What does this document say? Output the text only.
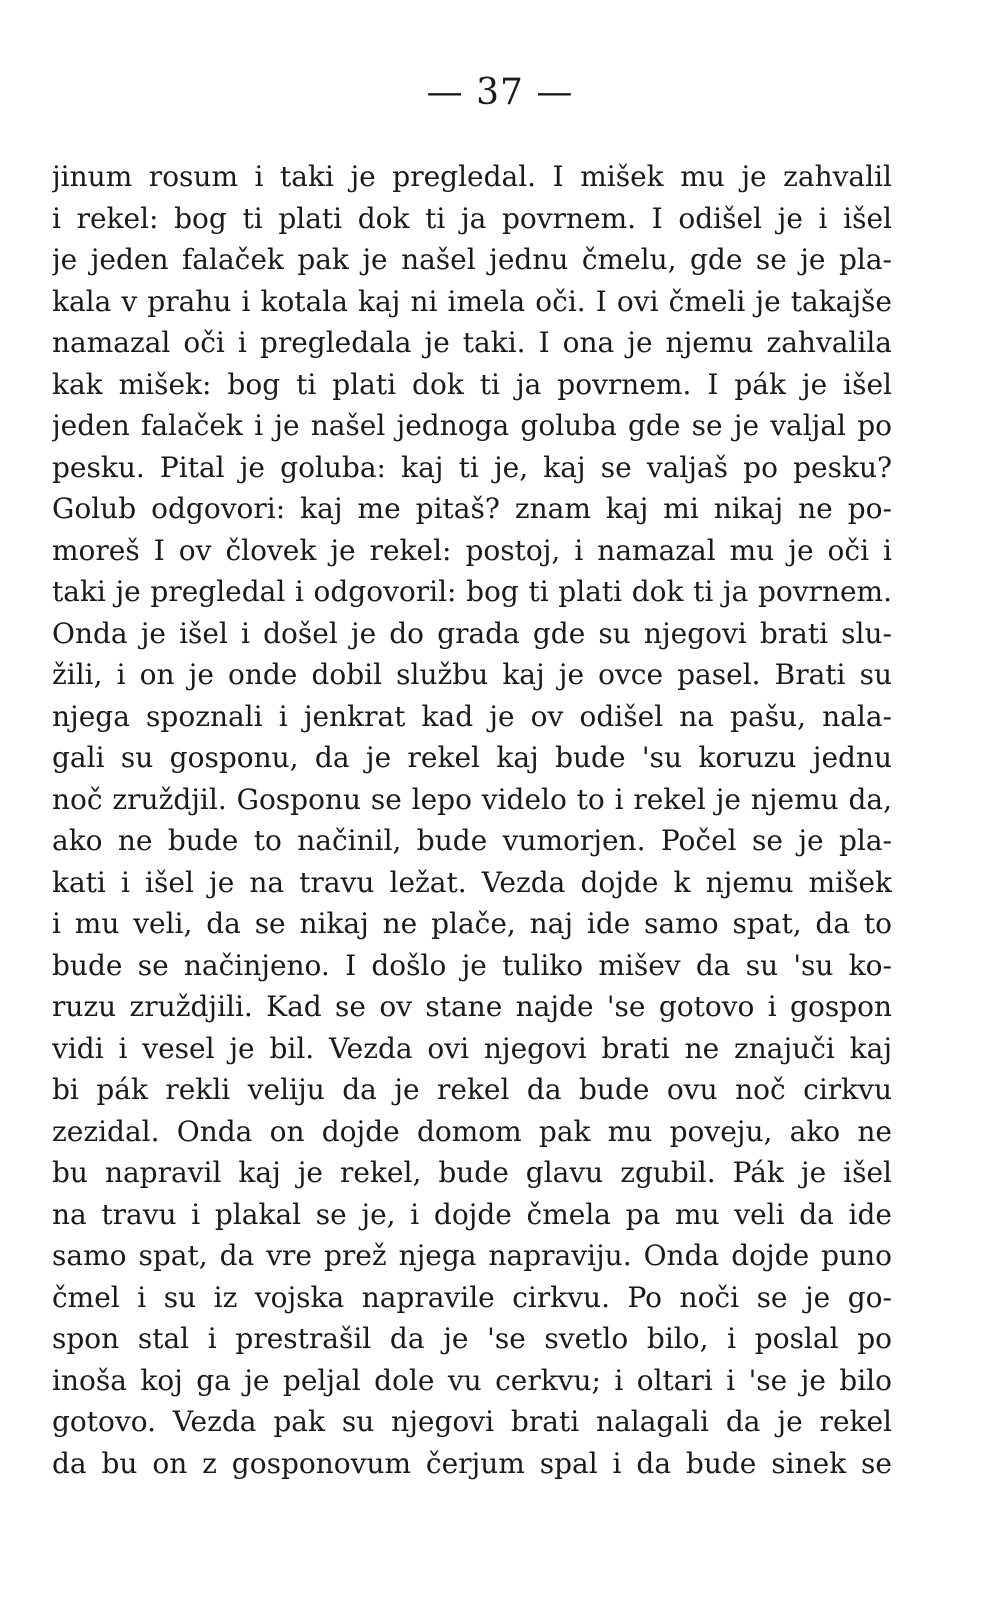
— 37 —
jinum rosum i taki je pregledal. I mišek mu je zahvalil
i rekel: bog ti plati dok ti ja povrnem. I odišel je i išel
je jeden falaček pak je našel jednu čmelu, gde se je pla-
kala v prahu i kotala kaj ni imela oči. I ovi čmeli je takajše
namazal oči i pregledala je taki. I ona je njemu zahvalila
kak mišek: bog ti plati dok ti ja povrnem. I pák je išel
jeden falaček i je našel jednoga goluba gde se je valjal po
pesku. Pital je goluba: kaj ti je, kaj se valjaš po pesku?
Golub odgovori: kaj me pitaš? znam kaj mi nikaj ne po-
moreš I ov človek je rekel: postoj, i namazal mu je oči i
taki je pregledal i odgovoril: bog ti plati dok ti ja povrnem.
Onda je išel i došel je do grada gde su njegovi brati slu-
žili, i on je onde dobil službu kaj je ovce pasel. Brati su
njega spoznali i jenkrat kad je ov odišel na pašu, nala-
gali su gosponu, da je rekel kaj bude 'su koruzu jednu
noč zruždjil. Gosponu se lepo videlo to i rekel je njemu da,
ako ne bude to načinil, bude vumorjen. Počel se je pla-
kati i išel je na travu ležat. Vezda dojde k njemu mišek
i mu veli, da se nikaj ne plače, naj ide samo spat, da to
bude se načinjeno. I došlo je tuliko mišev da su 'su ko-
ruzu zruždjili. Kad se ov stane najde 'se gotovo i gospon
vidi i vesel je bil. Vezda ovi njegovi brati ne znajuči kaj
bi pák rekli veliju da je rekel da bude ovu noč cirkvu
zezidal. Onda on dojde domom pak mu poveju, ako ne
bu napravil kaj je rekel, bude glavu zgubil. Pák je išel
na travu i plakal se je, i dojde čmela pa mu veli da ide
samo spat, da vre prež njega napraviju. Onda dojde puno
čmel i su iz vojska napravile cirkvu. Po noči se je go-
spon stal i prestrašil da je 'se svetlo bilo, i poslal po
inoša koj ga je peljal dole vu cerkvu; i oltari i 'se je bilo
gotovo. Vezda pak su njegovi brati nalagali da je rekel
da bu on z gosponovum čerjum spal i da bude sinek se
